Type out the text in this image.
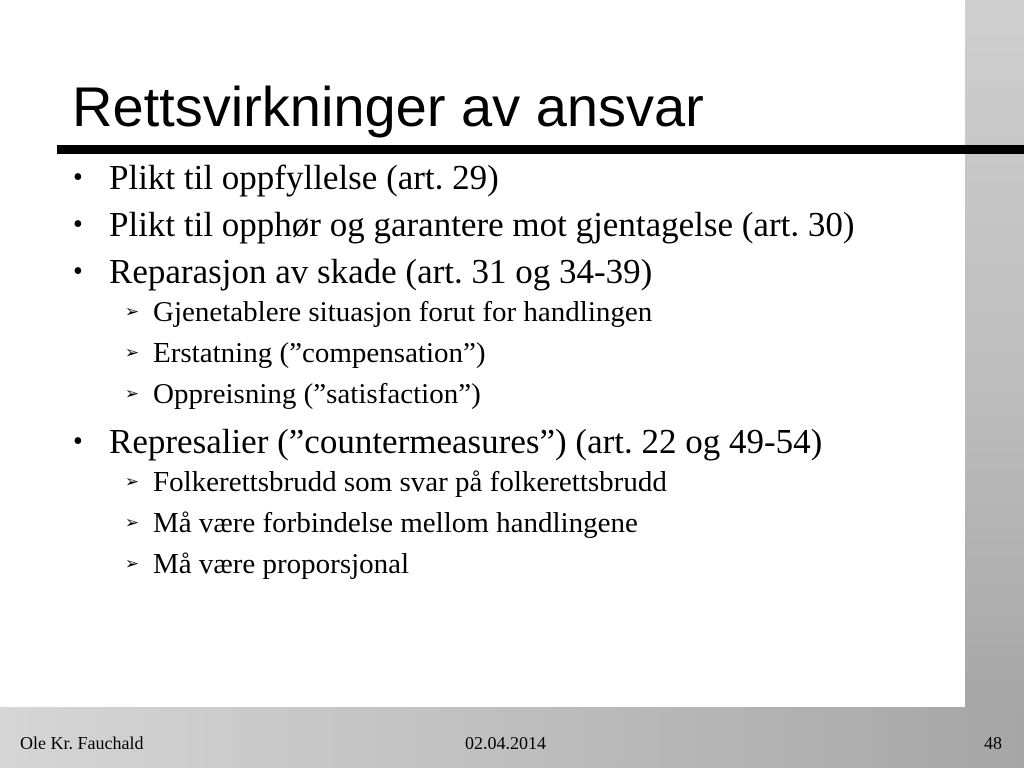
Rettsvirkninger av ansvar
• Plikt til oppfyllelse (art. 29)
• Plikt til opphør og garantere mot gjentagelse (art. 30)
• Reparasjon av skade (art. 31 og 34-39)
➢ Gjenetablere situasjon forut for handlingen
➢ Erstatning (”compensation”)
➢ Oppreisning (”satisfaction”)
• Represalier (”countermeasures”) (art. 22 og 49-54)
➢ Folkerettsbrudd som svar på folkerettsbrudd
➢ Må være forbindelse mellom handlingene
➢ Må være proporsjonal
Ole Kr. Fauchald	02.04.2014	48
